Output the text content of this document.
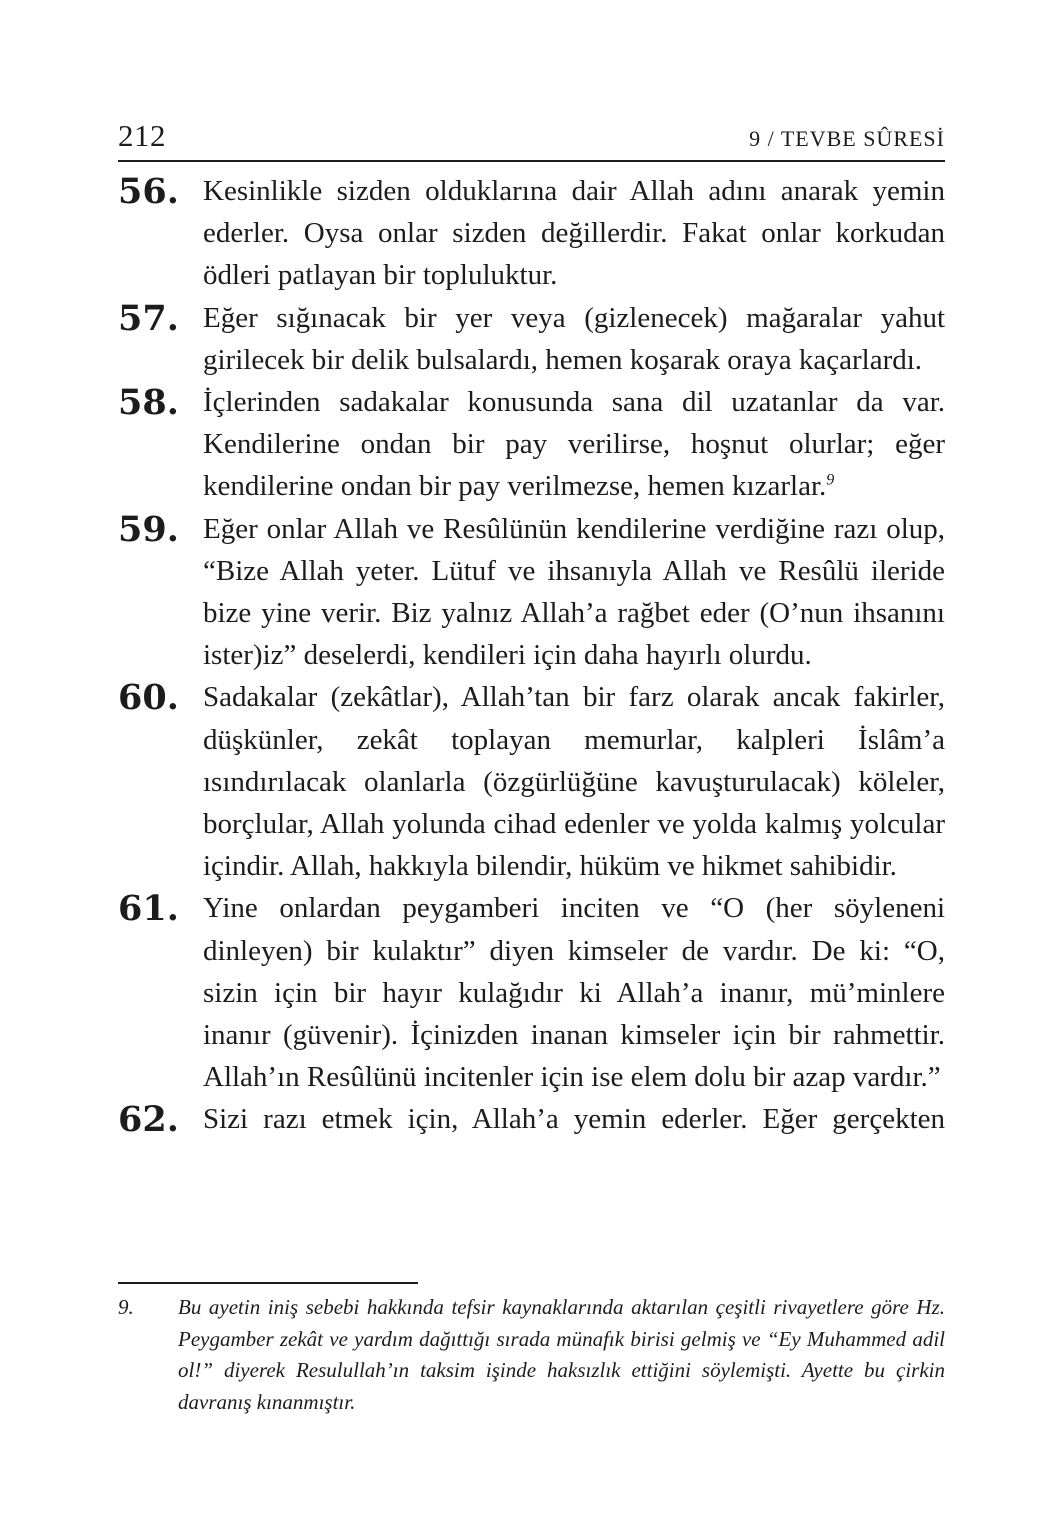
212	9 / TEVBE SÛRESİ
56. Kesinlikle sizden olduklarına dair Allah adını anarak yemin ederler. Oysa onlar sizden değillerdir. Fakat onlar korkudan ödleri patlayan bir topluluktur.
57. Eğer sığınacak bir yer veya (gizlenecek) mağaralar yahut girilecek bir delik bulsalardı, hemen koşarak oraya kaçarlardı.
58. İçlerinden sadakalar konusunda sana dil uzatanlar da var. Kendilerine ondan bir pay verilirse, hoşnut olurlar; eğer kendilerine ondan bir pay verilmezse, hemen kızarlar.$^9$
59. Eğer onlar Allah ve Resûlünün kendilerine verdiğine razı olup, “Bize Allah yeter. Lütuf ve ihsanıyla Allah ve Resûlü ileride bize yine verir. Biz yalnız Allah’a rağbet eder (O’nun ihsanını ister)iz” deselerdi, kendileri için daha hayırlı olurdu.
60. Sadakalar (zekâtlar), Allah’tan bir farz olarak ancak fakirler, düşkünler, zekât toplayan memurlar, kalpleri İslâm’a ısındırılacak olanlarla (özgürlüğüne kavuşturulacak) köleler, borçlular, Allah yolunda cihad edenler ve yolda kalmış yolcular içindir. Allah, hakkıyla bilendir, hüküm ve hikmet sahibidir.
61. Yine onlardan peygamberi inciten ve “O (her söyleneni dinleyen) bir kulaktır” diyen kimseler de vardır. De ki: “O, sizin için bir hayır kulağıdır ki Allah’a inanır, mü’minlere inanır (güvenir). İçinizden inanan kimseler için bir rahmettir. Allah’ın Resûlünü incitenler için ise elem dolu bir azap vardır.”
62. Sizi razı etmek için, Allah’a yemin ederler. Eğer gerçekten
9. Bu ayetin iniş sebebi hakkında tefsir kaynaklarında aktarılan çeşitli rivayetlere göre Hz. Peygamber zekât ve yardım dağıttığı sırada münafık birisi gelmiş ve “Ey Muhammed adil ol!” diyerek Resulullah’ın taksim işinde haksızlık ettiğini söylemişti. Ayette bu çirkin davranış kınanmıştır.
